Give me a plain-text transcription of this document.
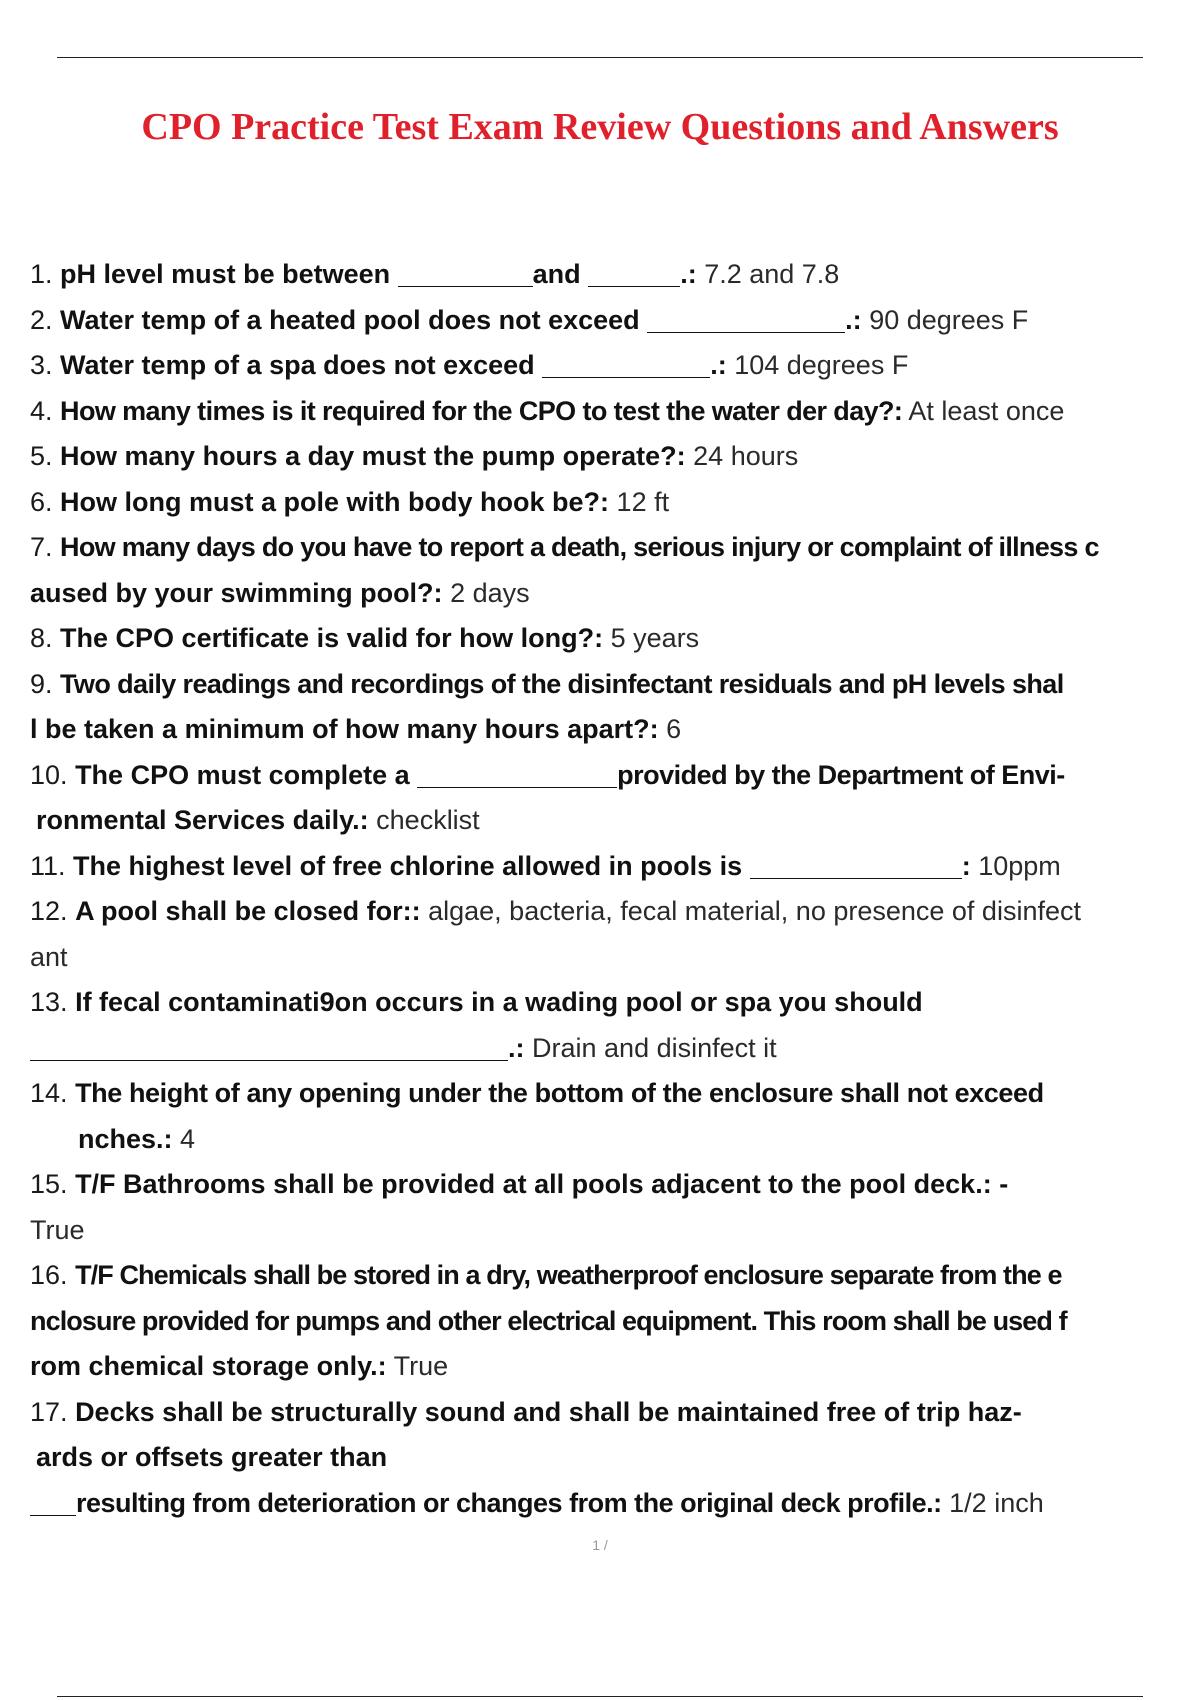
CPO Practice Test Exam Review Questions and Answers

1. pH level must be between	and	.: 7.2 and 7.8

2. Water temp of a heated pool does not exceed	.: 90 degrees F

3. Water temp of a spa does not exceed	.: 104 degrees F

4. How many times is it required for the CPO to test the water der day?: At least once

5. How many hours a day must the pump operate?: 24 hours

6. How long must a pole with body hook be?: 12 ft

7. How many days do you have to report a death, serious injury or complaint of illness c
aused by your swimming pool?: 2 days

8. The CPO certificate is valid for how long?: 5 years

9. Two daily readings and recordings of the disinfectant residuals and pH levels shal
l be taken a minimum of how many hours apart?: 6

10. The CPO must complete a	provided by the Department of Envi-
ronmental Services daily.: checklist

11. The highest level of free chlorine allowed in pools is	: 10ppm

12. A pool shall be closed for:: algae, bacteria, fecal material, no presence of disinfect
ant

13. If fecal contaminati9on occurs in a wading pool or spa you should
.: Drain and disinfect it

14. The height of any opening under the bottom of the enclosure shall not exceed
nches.: 4

15. T/F Bathrooms shall be provided at all pools adjacent to the pool deck.: -
True

16. T/F Chemicals shall be stored in a dry, weatherproof enclosure separate from the e
nclosure provided for pumps and other electrical equipment. This room shall be used f
rom chemical storage only.: True

17. Decks shall be structurally sound and shall be maintained free of trip haz-
ards or offsets greater than
resulting from deterioration or changes from the original deck profile.: 1/2 inch

1 /
